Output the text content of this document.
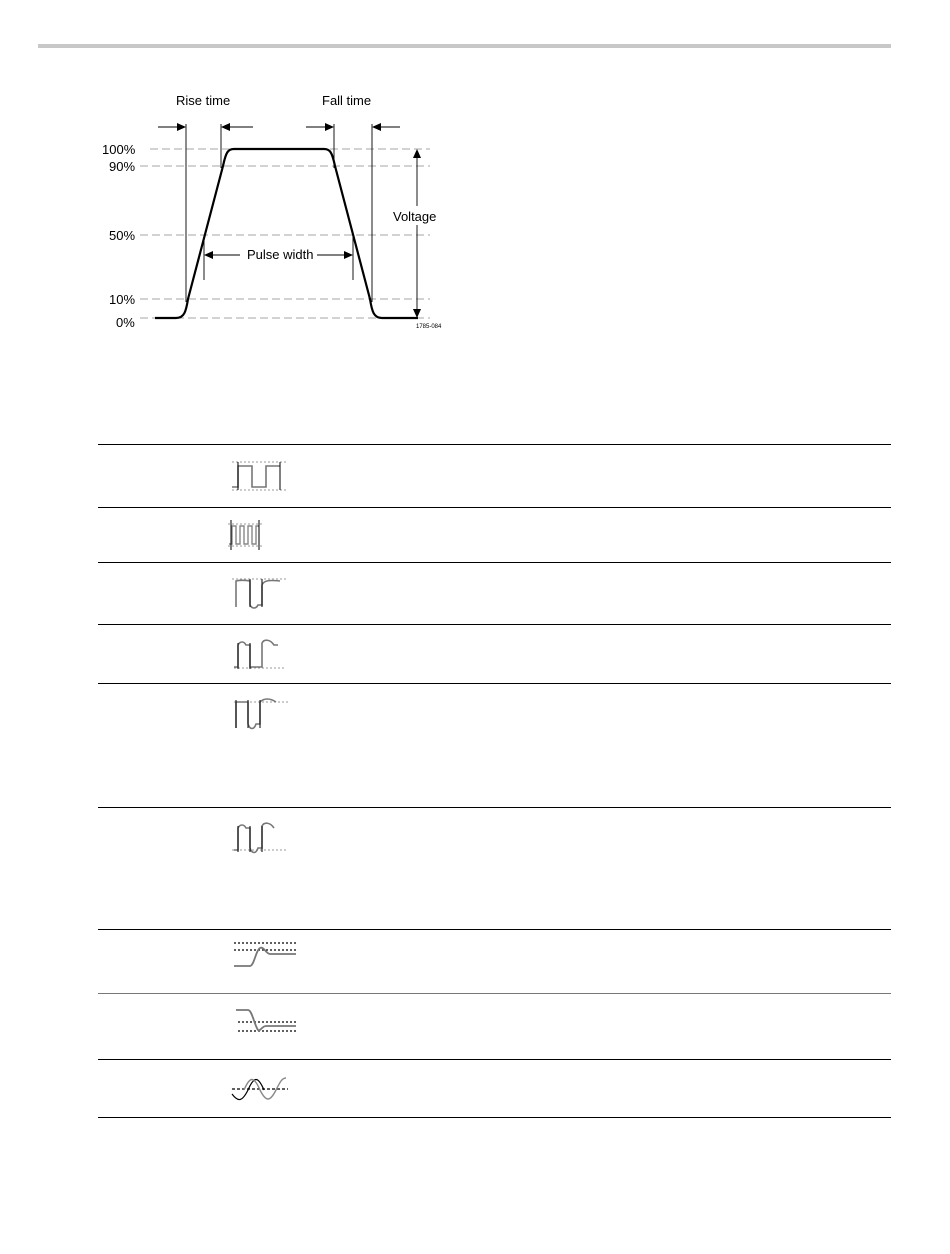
Rise time	Fall time
100%
90%
50%
10%
0%
Pulse width
Voltage
1785-084
